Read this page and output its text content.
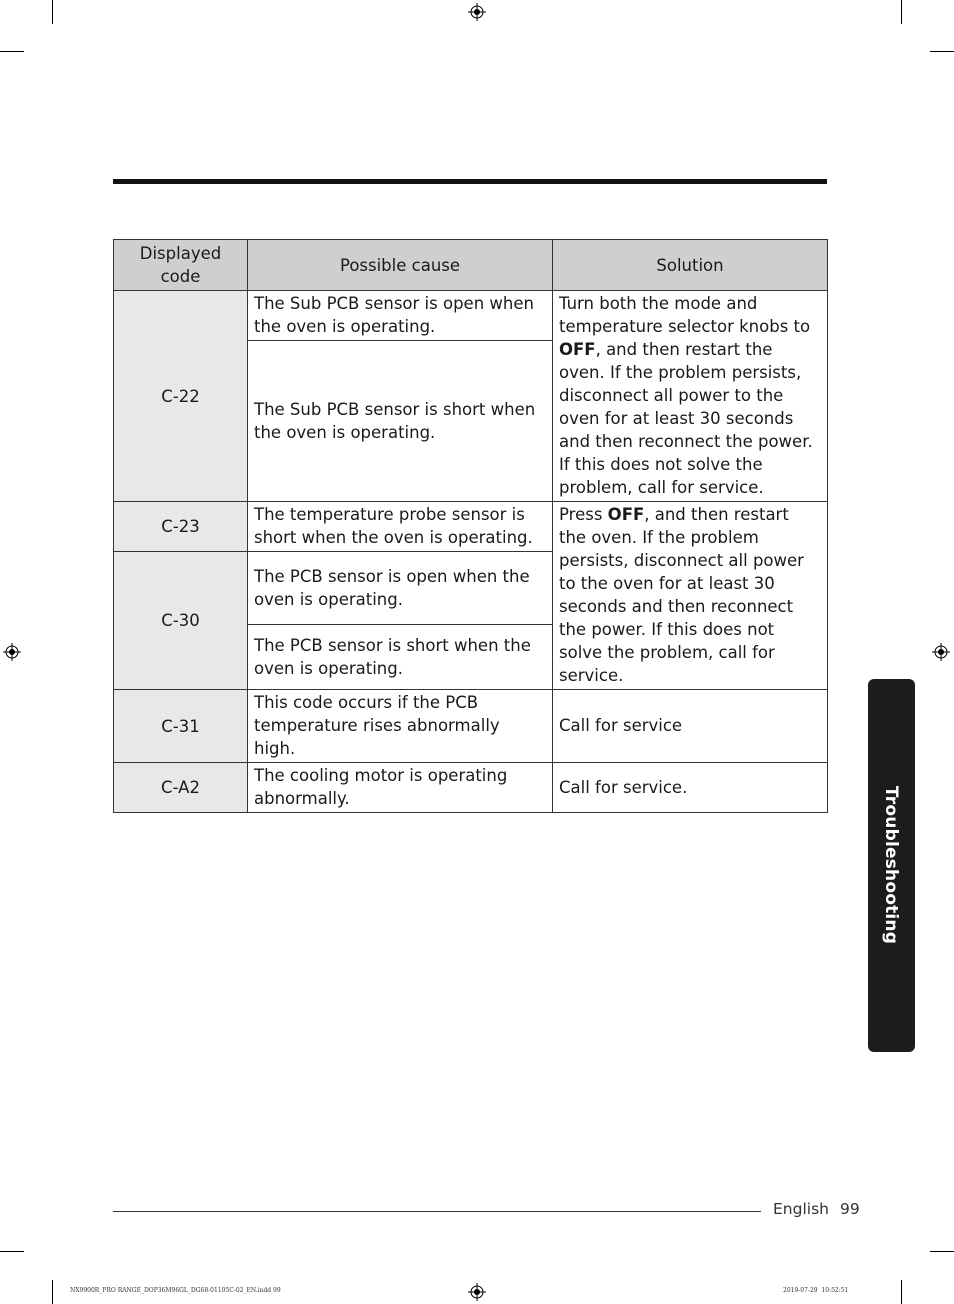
Displayed code	Possible cause	Solution
C-22	The Sub PCB sensor is open when the oven is operating.	Turn both the mode and temperature selector knobs to OFF, and then restart the oven. If the problem persists, disconnect all power to the oven for at least 30 seconds and then reconnect the power. If this does not solve the problem, call for service.
	The Sub PCB sensor is short when the oven is operating.	
C-23	The temperature probe sensor is short when the oven is operating.	Press OFF, and then restart the oven. If the problem persists, disconnect all power to the oven for at least 30 seconds and then reconnect the power. If this does not solve the problem, call for service.
C-30	The PCB sensor is open when the oven is operating.	
	The PCB sensor is short when the oven is operating.	
C-31	This code occurs if the PCB temperature rises abnormally high.	Call for service
C-A2	The cooling motor is operating abnormally.	Call for service.	Troubleshooting
English 99
NX9900R_PRO RANGE_DOP36M96GL_DG68-01105C-02_EN.indd 99	2019-07-29 10:52:51
